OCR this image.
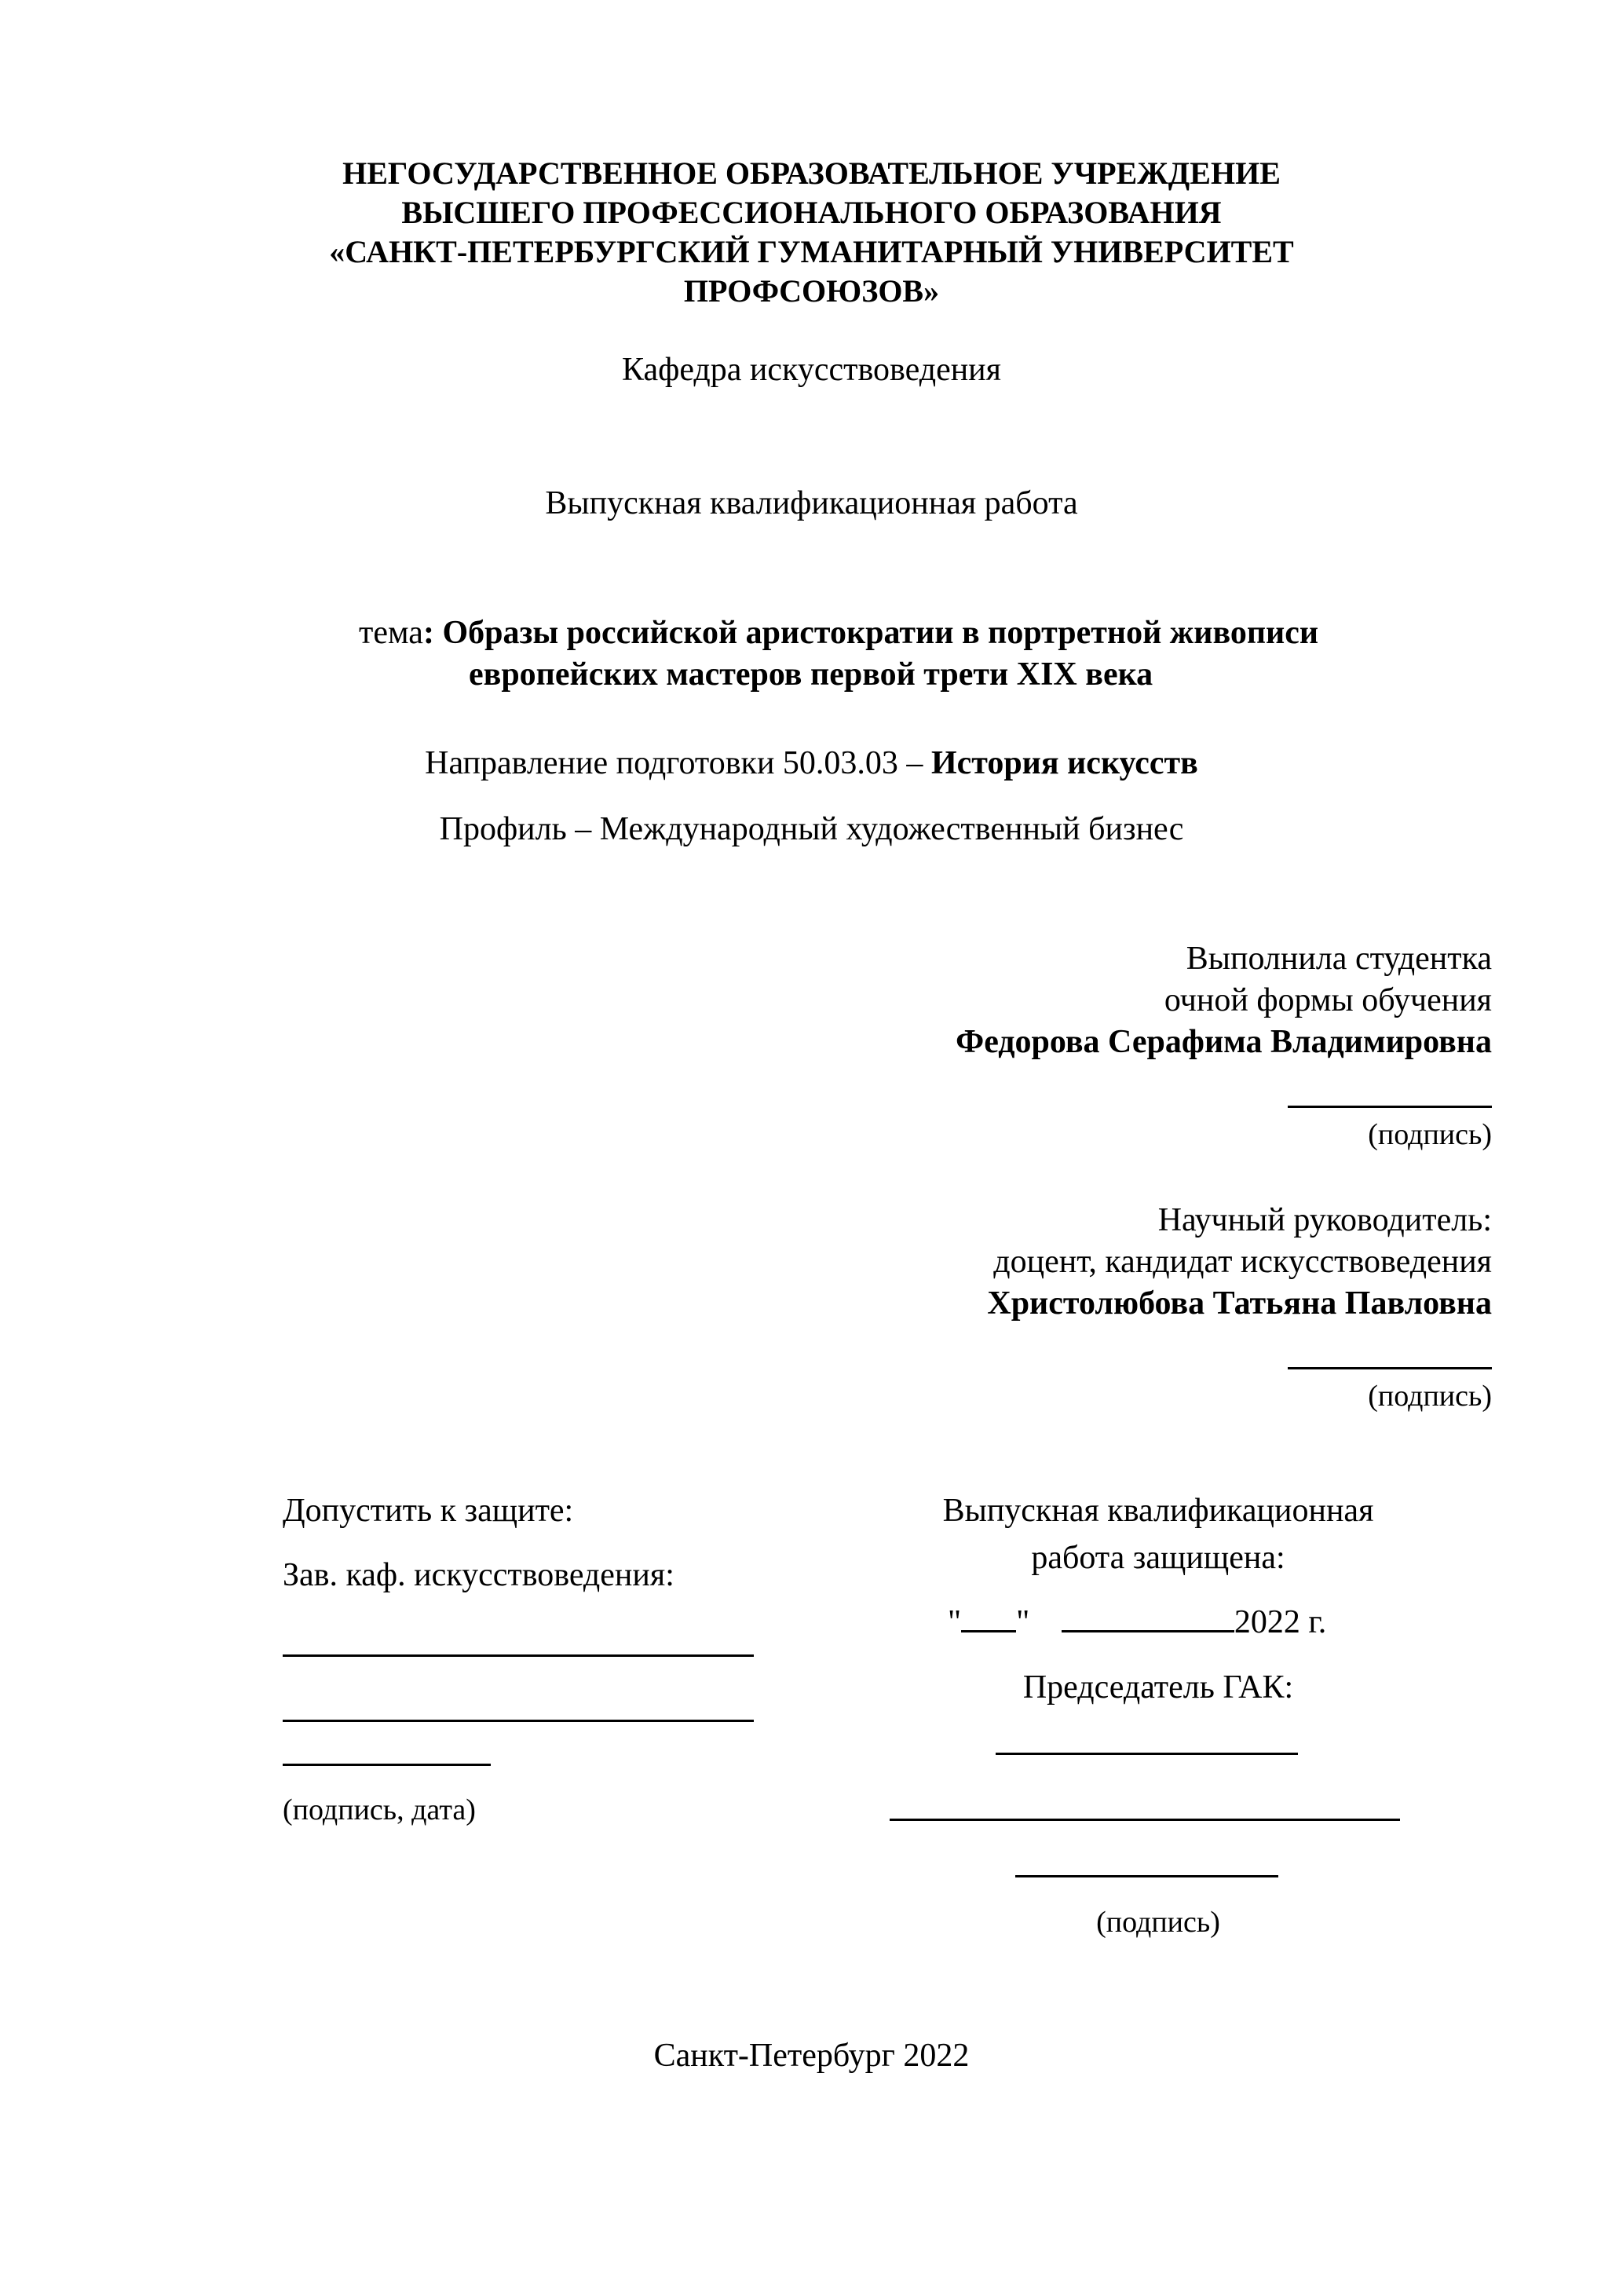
НЕГОСУДАРСТВЕННОЕ ОБРАЗОВАТЕЛЬНОЕ УЧРЕЖДЕНИЕ
ВЫСШЕГО ПРОФЕССИОНАЛЬНОГО ОБРАЗОВАНИЯ
«САНКТ-ПЕТЕРБУРГСКИЙ ГУМАНИТАРНЫЙ УНИВЕРСИТЕТ
ПРОФСОЮЗОВ»
Кафедра искусствоведения
Выпускная квалификационная работа
тема: Образы российской аристократии в портретной живописи
европейских мастеров первой трети XIX века
Направление подготовки 50.03.03 – История искусств
Профиль – Международный художественный бизнес
Выполнила студентка
очной формы обучения
Федорова Серафима Владимировна
(подпись)
Научный руководитель:
доцент, кандидат искусствоведения
Христолюбова Татьяна Павловна
(подпись)
Допустить к защите:
Зав. каф. искусствоведения:
(подпись, дата)
Выпускная квалификационная
работа защищена:
" "	2022 г.
Председатель ГАК:
(подпись)
Санкт-Петербург 2022
